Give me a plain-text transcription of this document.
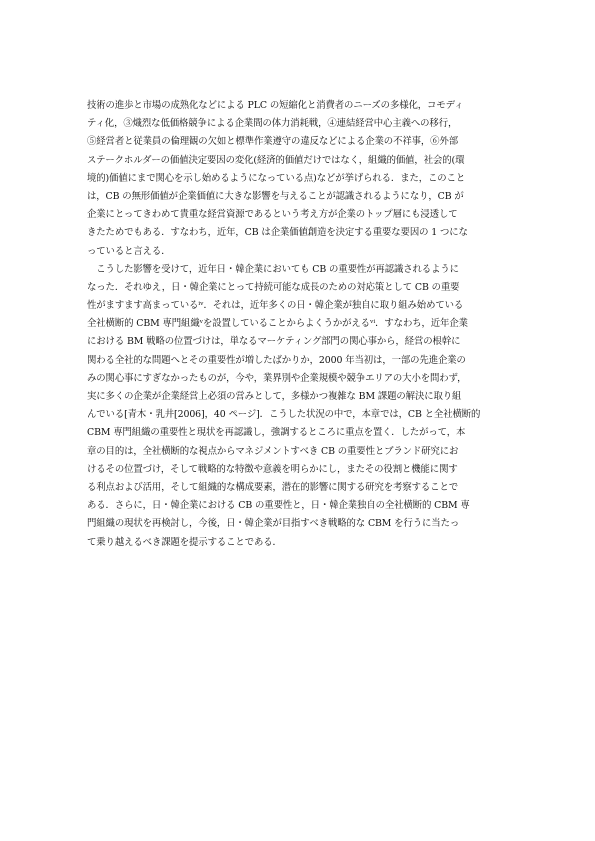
技術の進歩と市場の成熟化などによる PLC の短縮化と消費者のニーズの多様化，コモディ
ティ化，③熾烈な低価格競争による企業間の体力消耗戦，④連結経営中心主義への移行，
⑤経営者と従業員の倫理観の欠如と標準作業遵守の違反などによる企業の不祥事，⑥外部
ステークホルダーの価値決定要因の変化(経済的価値だけではなく，組織的価値，社会的(環
境的)価値にまで関心を示し始めるようになっている点)などが挙げられる．また，このこと
は，CB の無形価値が企業価値に大きな影響を与えることが認識されるようになり，CB が
企業にとってきわめて貴重な経営資源であるという考え方が企業のトップ層にも浸透して
きたためでもある．すなわち，近年，CB は企業価値創造を決定する重要な要因の 1 つにな
っていると言える．
　こうした影響を受けて，近年日・韓企業においても CB の重要性が再認識されるように
なった．それゆえ，日・韓企業にとって持続可能な成長のための対応策として CB の重要
性がますます高まっているⁱᵛ．それは，近年多くの日・韓企業が独自に取り組み始めている
全社横断的 CBM 専門組織ᵛを設置していることからよくうかがえるᵛⁱ．すなわち，近年企業
における BM 戦略の位置づけは，単なるマーケティング部門の関心事から，経営の根幹に
関わる全社的な問題へとその重要性が増したばかりか，2000 年当初は，一部の先進企業の
みの関心事にすぎなかったものが，今や，業界別や企業規模や競争エリアの大小を問わず，
実に多くの企業が企業経営上必須の営みとして，多様かつ複雑な BM 課題の解決に取り組
んでいる[青木・乳井[2006]，40 ページ]．こうした状況の中で，本章では，CB と全社横断的
CBM 専門組織の重要性と現状を再認識し，強調するところに重点を置く．したがって，本
章の目的は，全社横断的な視点からマネジメントすべき CB の重要性とブランド研究にお
けるその位置づけ，そして戦略的な特徴や意義を明らかにし，またその役割と機能に関す
る利点および活用，そして組織的な構成要素，潜在的影響に関する研究を考察することで
ある．さらに，日・韓企業における CB の重要性と，日・韓企業独自の全社横断的 CBM 専
門組織の現状を再検討し，今後，日・韓企業が目指すべき戦略的な CBM を行うに当たっ
て乗り越えるべき課題を提示することである．
